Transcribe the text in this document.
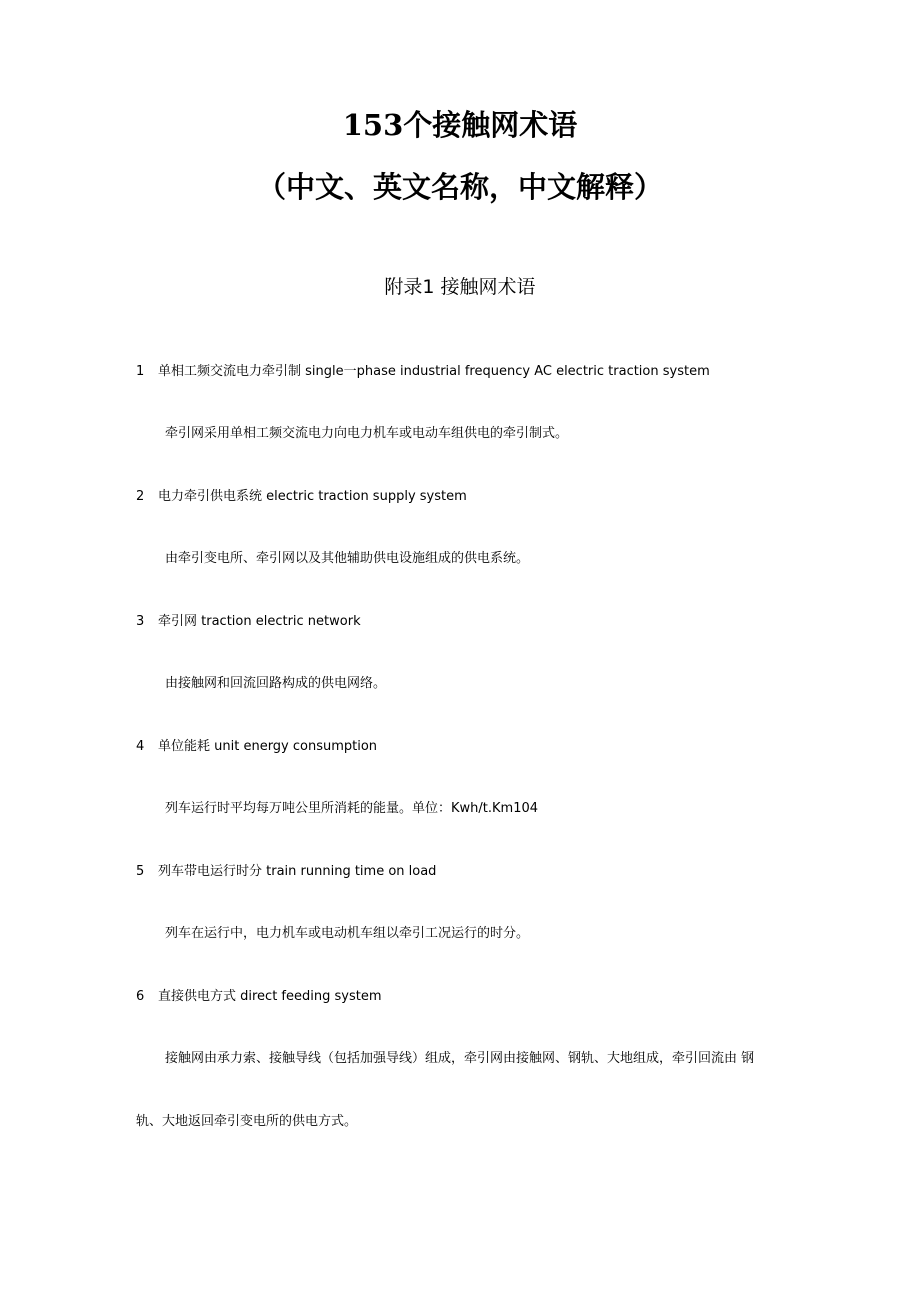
153个接触网术语
（中文、英文名称，中文解释）
附录1 接触网术语
1 单相工频交流电力牵引制 single一phase industrial frequency AC electric traction system
牵引网采用单相工频交流电力向电力机车或电动车组供电的牵引制式。
2 电力牵引供电系统 electric traction supply system
由牵引变电所、牵引网以及其他辅助供电设施组成的供电系统。
3 牵引网 traction electric network
由接触网和回流回路构成的供电网络。
4 单位能耗 unit energy consumption
列车运行时平均每万吨公里所消耗的能量。单位：Kwh/t.Km104
5 列车带电运行时分 train running time on load
列车在运行中，电力机车或电动机车组以牵引工况运行的时分。
6 直接供电方式 direct feeding system
接触网由承力索、接触导线（包括加强导线）组成，牵引网由接触网、钢轨、大地组成，牵引回流由 钢
轨、大地返回牵引变电所的供电方式。
